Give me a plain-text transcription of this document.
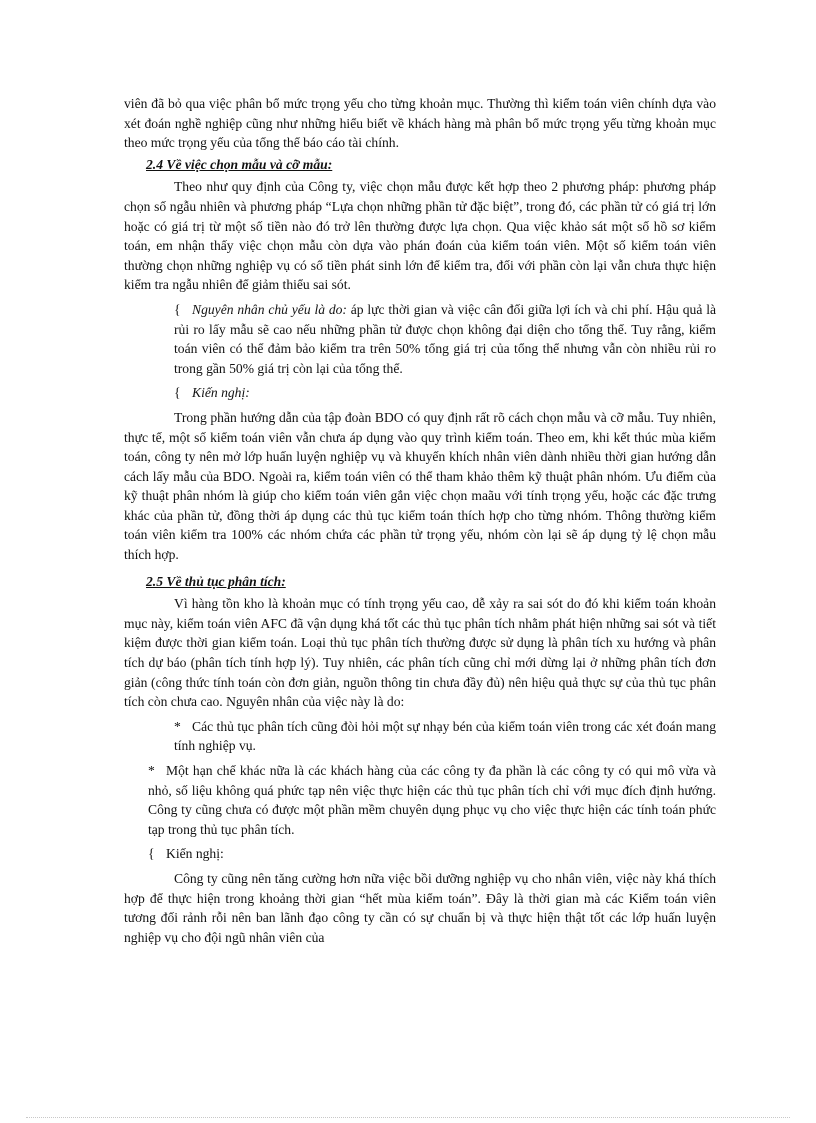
viên đã bỏ qua việc phân bổ mức trọng yếu cho từng khoản mục. Thường thì kiểm toán viên chính dựa vào xét đoán nghề nghiệp cũng như những hiểu biết về khách hàng mà phân bổ mức trọng yếu từng khoản mục theo mức trọng yếu của tổng thể báo cáo tài chính.

2.4 Về việc chọn mẫu và cỡ mẫu:

Theo như quy định của Công ty, việc chọn mẫu được kết hợp theo 2 phương pháp: phương pháp chọn số ngẫu nhiên và phương pháp “Lựa chọn những phần tử đặc biệt”, trong đó, các phần tử có giá trị lớn hoặc có giá trị từ một số tiền nào đó trở lên thường được lựa chọn. Qua việc khảo sát một số hồ sơ kiểm toán, em nhận thấy việc chọn mẫu còn dựa vào phán đoán của kiểm toán viên. Một số kiểm toán viên thường chọn những nghiệp vụ có số tiền phát sinh lớn để kiểm tra, đối với phần còn lại vẫn chưa thực hiện kiểm tra ngẫu nhiên để giảm thiểu sai sót.

{ Nguyên nhân chủ yếu là do: áp lực thời gian và việc cân đối giữa lợi ích và chi phí. Hậu quả là rủi ro lấy mẫu sẽ cao nếu những phần tử được chọn không đại diện cho tổng thể. Tuy rằng, kiểm toán viên có thể đảm bảo kiểm tra trên 50% tổng giá trị của tổng thể nhưng vẫn còn nhiều rủi ro trong gần 50% giá trị còn lại của tổng thể.

{ Kiến nghị:

Trong phần hướng dẫn của tập đoàn BDO có quy định rất rõ cách chọn mẫu và cỡ mẫu. Tuy nhiên, thực tế, một số kiểm toán viên vẫn chưa áp dụng vào quy trình kiểm toán. Theo em, khi kết thúc mùa kiểm toán, công ty nên mở lớp huấn luyện nghiệp vụ và khuyến khích nhân viên dành nhiều thời gian hướng dẫn cách lấy mẫu của BDO. Ngoài ra, kiểm toán viên có thể tham khảo thêm kỹ thuật phân nhóm. Ưu điểm của kỹ thuật phân nhóm là giúp cho kiểm toán viên gắn việc chọn maãu với tính trọng yếu, hoặc các đặc trưng khác của phần tử, đồng thời áp dụng các thủ tục kiểm toán thích hợp cho từng nhóm. Thông thường kiểm toán viên kiểm tra 100% các nhóm chứa các phần tử trọng yếu, nhóm còn lại sẽ áp dụng tỷ lệ chọn mẫu thích hợp.

2.5 Về thủ tục phân tích:

Vì hàng tồn kho là khoản mục có tính trọng yếu cao, dễ xảy ra sai sót do đó khi kiểm toán khoản mục này, kiểm toán viên AFC đã vận dụng khá tốt các thủ tục phân tích nhằm phát hiện những sai sót và tiết kiệm được thời gian kiểm toán. Loại thủ tục phân tích thường được sử dụng là phân tích xu hướng và phân tích dự báo (phân tích tính hợp lý). Tuy nhiên, các phân tích cũng chỉ mới dừng lại ở những phân tích đơn giản (công thức tính toán còn đơn giản, nguồn thông tin chưa đầy đủ) nên hiệu quả thực sự của thủ tục phân tích còn chưa cao. Nguyên nhân của việc này là do:

* Các thủ tục phân tích cũng đòi hỏi một sự nhạy bén của kiểm toán viên trong các xét đoán mang tính nghiệp vụ.

* Một hạn chế khác nữa là các khách hàng của các công ty đa phần là các công ty có qui mô vừa và nhỏ, số liệu không quá phức tạp nên việc thực hiện các thủ tục phân tích chỉ với mục đích định hướng. Công ty cũng chưa có được một phần mềm chuyên dụng phục vụ cho việc thực hiện các tính toán phức tạp trong thủ tục phân tích.

{ Kiến nghị:

Công ty cũng nên tăng cường hơn nữa việc bồi dưỡng nghiệp vụ cho nhân viên, việc này khá thích hợp để thực hiện trong khoảng thời gian “hết mùa kiểm toán”. Đây là thời gian mà các Kiểm toán viên tương đối rảnh rỗi nên ban lãnh đạo công ty cần có sự chuẩn bị và thực hiện thật tốt các lớp huấn luyện nghiệp vụ cho đội ngũ nhân viên của
